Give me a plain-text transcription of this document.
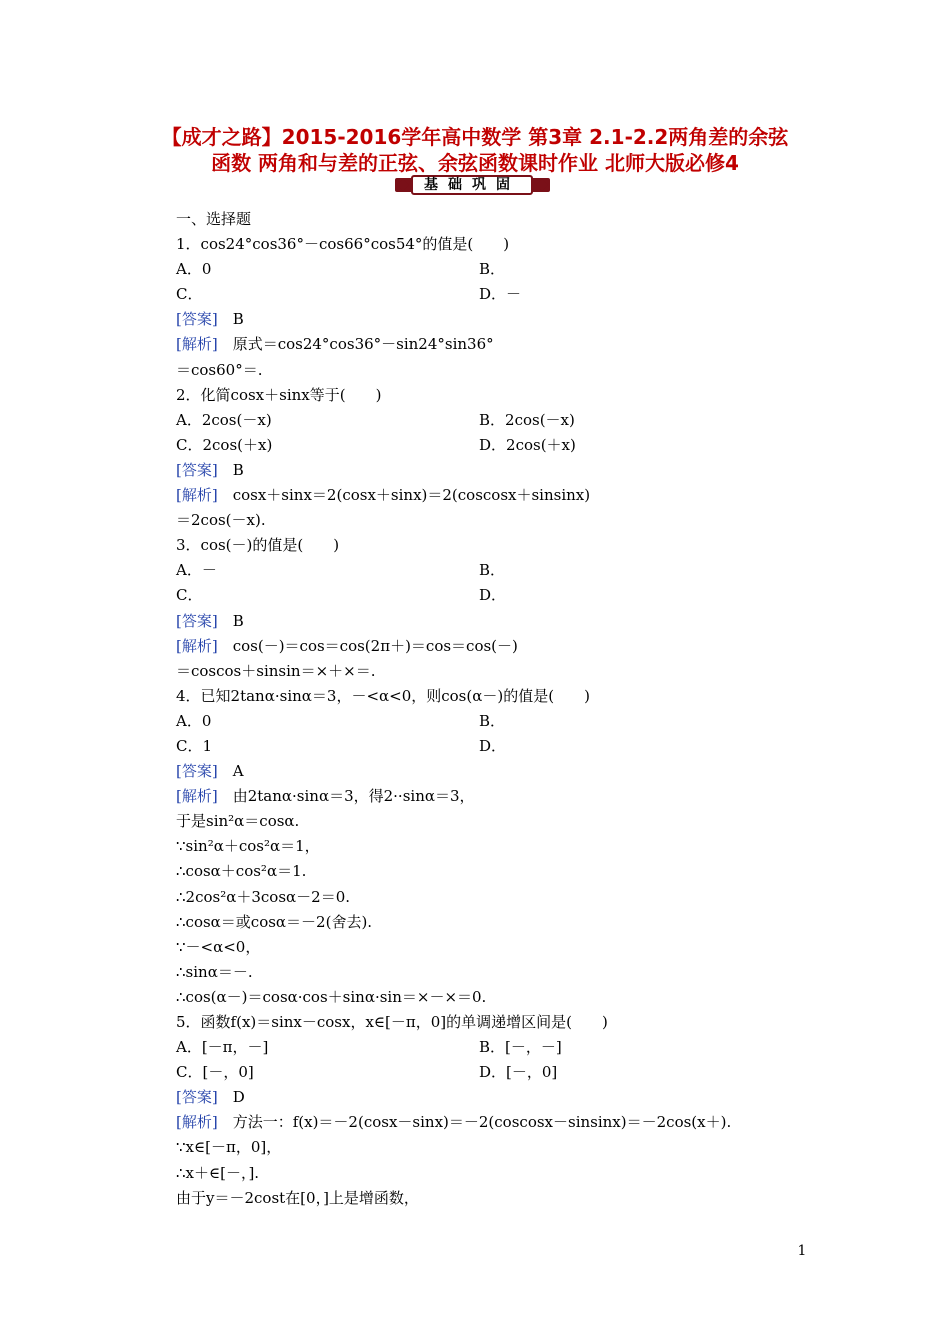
【成才之路】2015-2016学年高中数学 第3章 2.1-2.2两角差的余弦
函数 两角和与差的正弦、余弦函数课时作业 北师大版必修4
基础巩固
一、选择题
1．cos24°cos36°－cos66°cos54°的值是(　　)
A．0	B．
C．	D．－
[答案]　B
[解析]　原式＝cos24°cos36°－sin24°sin36°
＝cos60°＝.
2．化简cosx＋sinx等于(　　)
A．2cos(－x)	B．2cos(－x)
C．2cos(＋x)	D．2cos(＋x)
[答案]　B
[解析]　cosx＋sinx＝2(cosx＋sinx)＝2(coscosx＋sinsinx)
＝2cos(－x).
3．cos(－)的值是(　　)
A．－	B．
C．	D．
[答案]　B
[解析]　cos(－)＝cos＝cos(2π＋)＝cos＝cos(－)
＝coscos＋sinsin＝×＋×＝.
4．已知2tanα·sinα＝3，－<α<0，则cos(α－)的值是(　　)
A．0	B．
C．1	D．
[答案]　A
[解析]　由2tanα·sinα＝3，得2··sinα＝3，
于是sin²α＝cosα.
∵sin²α＋cos²α＝1，
∴cosα＋cos²α＝1.
∴2cos²α＋3cosα－2＝0.
∴cosα＝或cosα＝－2(舍去).
∵－<α<0，
∴sinα＝－.
∴cos(α－)＝cosα·cos＋sinα·sin＝×－×＝0.
5．函数f(x)＝sinx－cosx，x∈[－π，0]的单调递增区间是(　　)
A．[－π，－]	B．[－，－]
C．[－，0]	D．[－，0]
[答案]　D
[解析]　方法一：f(x)＝－2(cosx－sinx)＝－2(coscosx－sinsinx)＝－2cos(x＋).
∵x∈[－π，0]，
∴x＋∈[－，].
由于y＝－2cost在[0，]上是增函数，
1
